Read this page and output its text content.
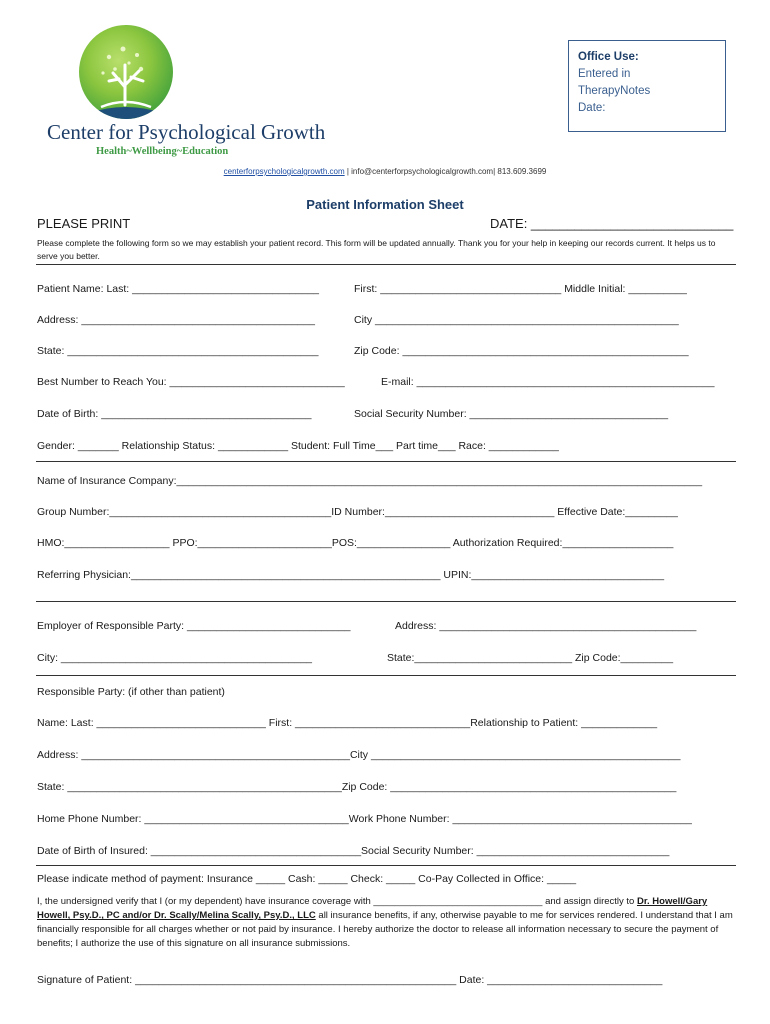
Center for Psychological Growth
Health~Wellbeing~Education
Office Use:
Entered in
TherapyNotes
Date:
centerforpsychologicalgrowth.com | info@centerforpsychologicalgrowth.com| 813.609.3699
Patient Information Sheet
PLEASE PRINT	DATE: ____________________________
Please complete the following form so we may establish your patient record. This form will be updated annually. Thank you for your help in keeping our records current. It helps us to serve you better.
Patient Name: Last: ________________________________	First: _______________________________ Middle Initial: __________
Address: ________________________________________	City ____________________________________________________
State: ___________________________________________	Zip Code: _________________________________________________
Best Number to Reach You: ______________________________	E-mail: ___________________________________________________
Date of Birth: ____________________________________	Social Security Number: __________________________________
Gender: _______ Relationship Status: ____________ Student: Full Time___ Part time___ Race: ____________
Name of Insurance Company:__________________________________________________________________________________________
Group Number:______________________________________ID Number:_____________________________ Effective Date:_________
HMO:__________________ PPO:_______________________POS:________________ Authorization Required:___________________
Referring Physician:_____________________________________________________ UPIN:_________________________________
Employer of Responsible Party: ____________________________	Address: ____________________________________________
City: ___________________________________________	State:___________________________ Zip Code:_________
Responsible Party: (if other than patient)
Name: Last: _____________________________ First: ______________________________Relationship to Patient: _____________
Address: ______________________________________________City _____________________________________________________
State: _______________________________________________Zip Code: _________________________________________________
Home Phone Number: ___________________________________Work Phone Number: _________________________________________
Date of Birth of Insured: ____________________________________Social Security Number: _________________________________
Please indicate method of payment: Insurance _____ Cash: _____ Check: _____ Co-Pay Collected in Office: _____
I, the undersigned verify that I (or my dependent) have insurance coverage with ________________________________ and assign directly to Dr. Howell/Gary Howell, Psy.D., PC and/or Dr. Scally/Melina Scally, Psy.D., LLC all insurance benefits, if any, otherwise payable to me for services rendered. I understand that I am financially responsible for all charges whether or not paid by insurance. I hereby authorize the doctor to release all information necessary to secure the payment of benefits; I authorize the use of this signature on all insurance submissions.
Signature of Patient: _______________________________________________________ Date: ______________________________
